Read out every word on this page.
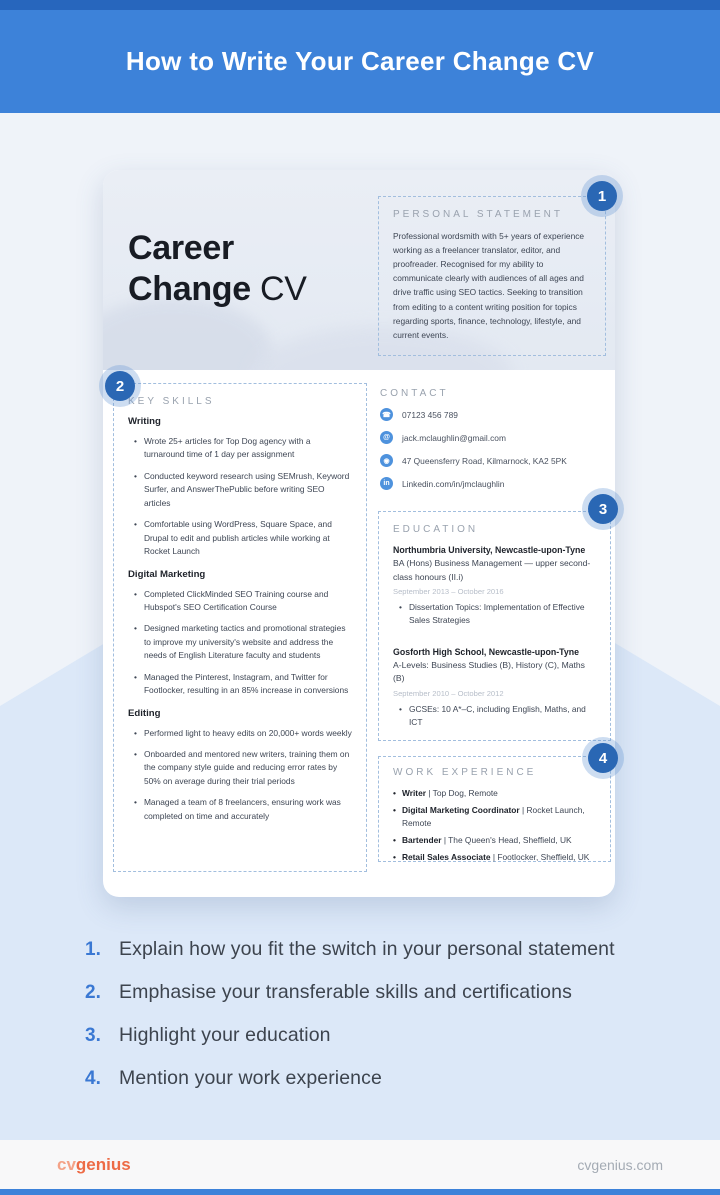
How to Write Your Career Change CV
Career
Change CV
PERSONAL STATEMENT

Professional wordsmith with 5+ years of experience working as a freelancer translator, editor, and proofreader. Recognised for my ability to communicate clearly with audiences of all ages and drive traffic using SEO tactics. Seeking to transition from editing to a content writing position for topics regarding sports, finance, technology, lifestyle, and current events.

KEY SKILLS
Writing
• Wrote 25+ articles for Top Dog agency with a turnaround time of 1 day per assignment
• Conducted keyword research using SEMrush, Keyword Surfer, and AnswerThePublic before writing SEO articles
• Comfortable using WordPress, Square Space, and Drupal to edit and publish articles while working at Rocket Launch
Digital Marketing
• Completed ClickMinded SEO Training course and Hubspot's SEO Certification Course
• Designed marketing tactics and promotional strategies to improve my university's website and address the needs of English Literature faculty and students
• Managed the Pinterest, Instagram, and Twitter for Footlocker, resulting in an 85% increase in conversions
Editing
• Performed light to heavy edits on 20,000+ words weekly
• Onboarded and mentored new writers, training them on the company style guide and reducing error rates by 50% on average during their trial periods
• Managed a team of 8 freelancers, ensuring work was completed on time and accurately
CONTACT
☎ 07123 456 789
@	jack.mclaughlin@gmail.com
◉	47 Queensferry Road, Kilmarnock, KA2 5PK
in	Linkedin.com/in/jmclaughlin
EDUCATION
Northumbria University, Newcastle-upon-Tyne
BA (Hons) Business Management — upper second-class honours (II.i)
September 2013 – October 2016
• Dissertation Topics: Implementation of Effective Sales Strategies
Gosforth High School, Newcastle-upon-Tyne
A-Levels: Business Studies (B), History (C), Maths (B)
September 2010 – October 2012
• GCSEs: 10 A*–C, including English, Maths, and ICT
WORK EXPERIENCE
• Writer | Top Dog, Remote
• Digital Marketing Coordinator | Rocket Launch, Remote
• Bartender | The Queen's Head, Sheffield, UK
• Retail Sales Associate | Footlocker, Sheffield, UK
1
2
3
4
1. Explain how you fit the switch in your personal statement
2. Emphasise your transferable skills and certifications
3. Highlight your education
4. Mention your work experience
cvgenius	cvgenius.com
